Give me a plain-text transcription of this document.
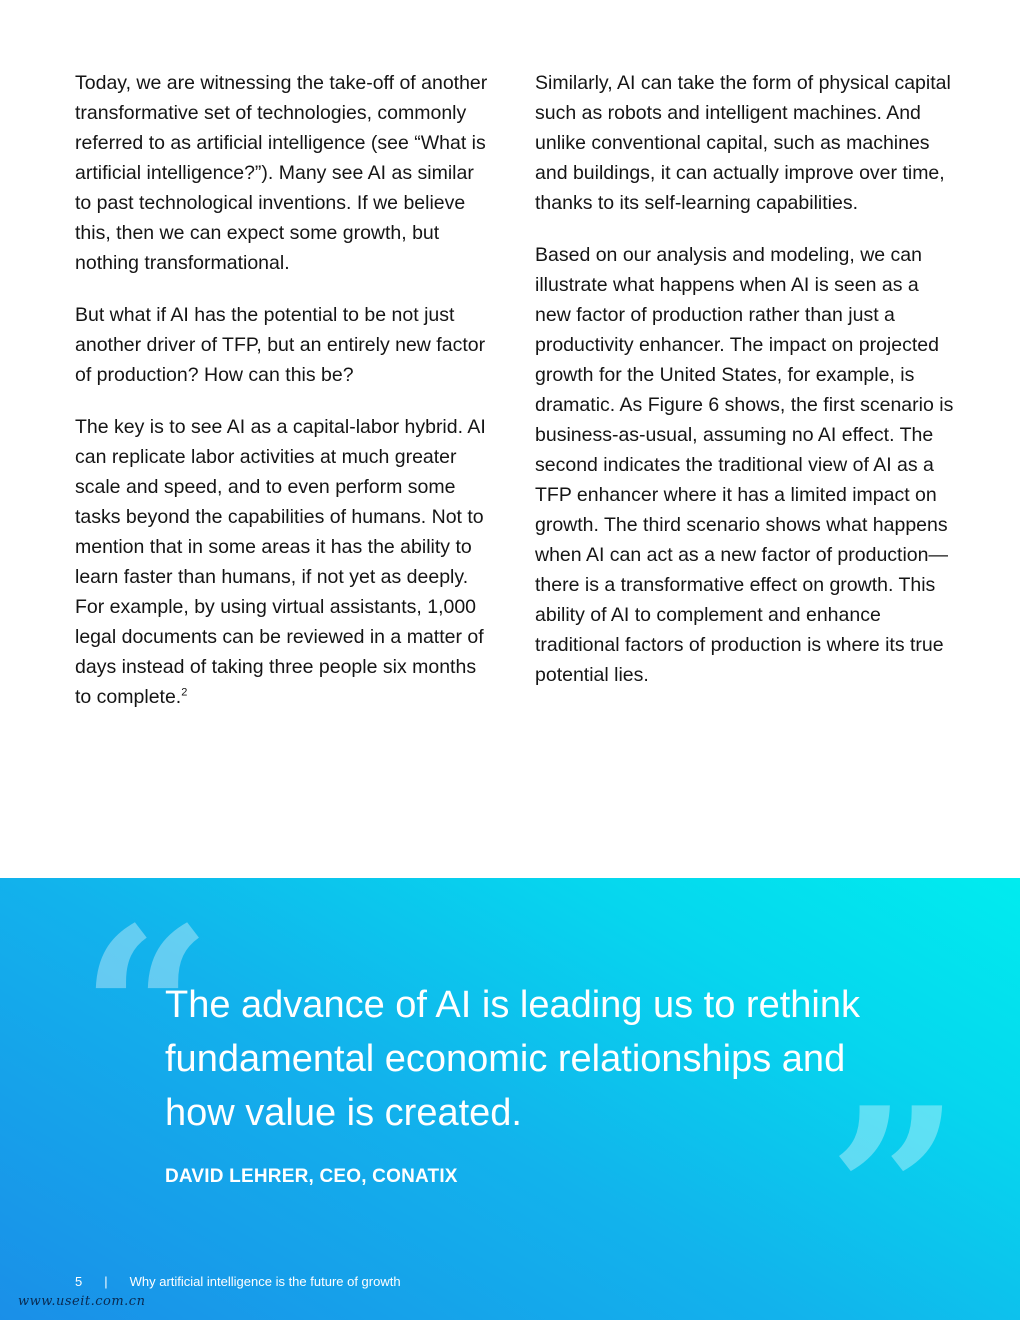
Today, we are witnessing the take-off of another transformative set of technologies, commonly referred to as artificial intelligence (see “What is artificial intelligence?”). Many see AI as similar to past technological inventions. If we believe this, then we can expect some growth, but nothing transformational.

But what if AI has the potential to be not just another driver of TFP, but an entirely new factor of production? How can this be?

The key is to see AI as a capital-labor hybrid. AI can replicate labor activities at much greater scale and speed, and to even perform some tasks beyond the capabilities of humans. Not to mention that in some areas it has the ability to learn faster than humans, if not yet as deeply. For example, by using virtual assistants, 1,000 legal documents can be reviewed in a matter of days instead of taking three people six months to complete.$^2$

Similarly, AI can take the form of physical capital such as robots and intelligent machines. And unlike conventional capital, such as machines and buildings, it can actually improve over time, thanks to its self-learning capabilities.

Based on our analysis and modeling, we can illustrate what happens when AI is seen as a new factor of production rather than just a productivity enhancer. The impact on projected growth for the United States, for example, is dramatic. As Figure 6 shows, the first scenario is business-as-usual, assuming no AI effect. The second indicates the traditional view of AI as a TFP enhancer where it has a limited impact on growth. The third scenario shows what happens when AI can act as a new factor of production—there is a transformative effect on growth. This ability of AI to complement and enhance traditional factors of production is where its true potential lies.

“

The advance of AI is leading us to rethink fundamental economic relationships and how value is created.	”

DAVID LEHRER, CEO, CONATIX

5 | Why artificial intelligence is the future of growth
www.useit.com.cn
